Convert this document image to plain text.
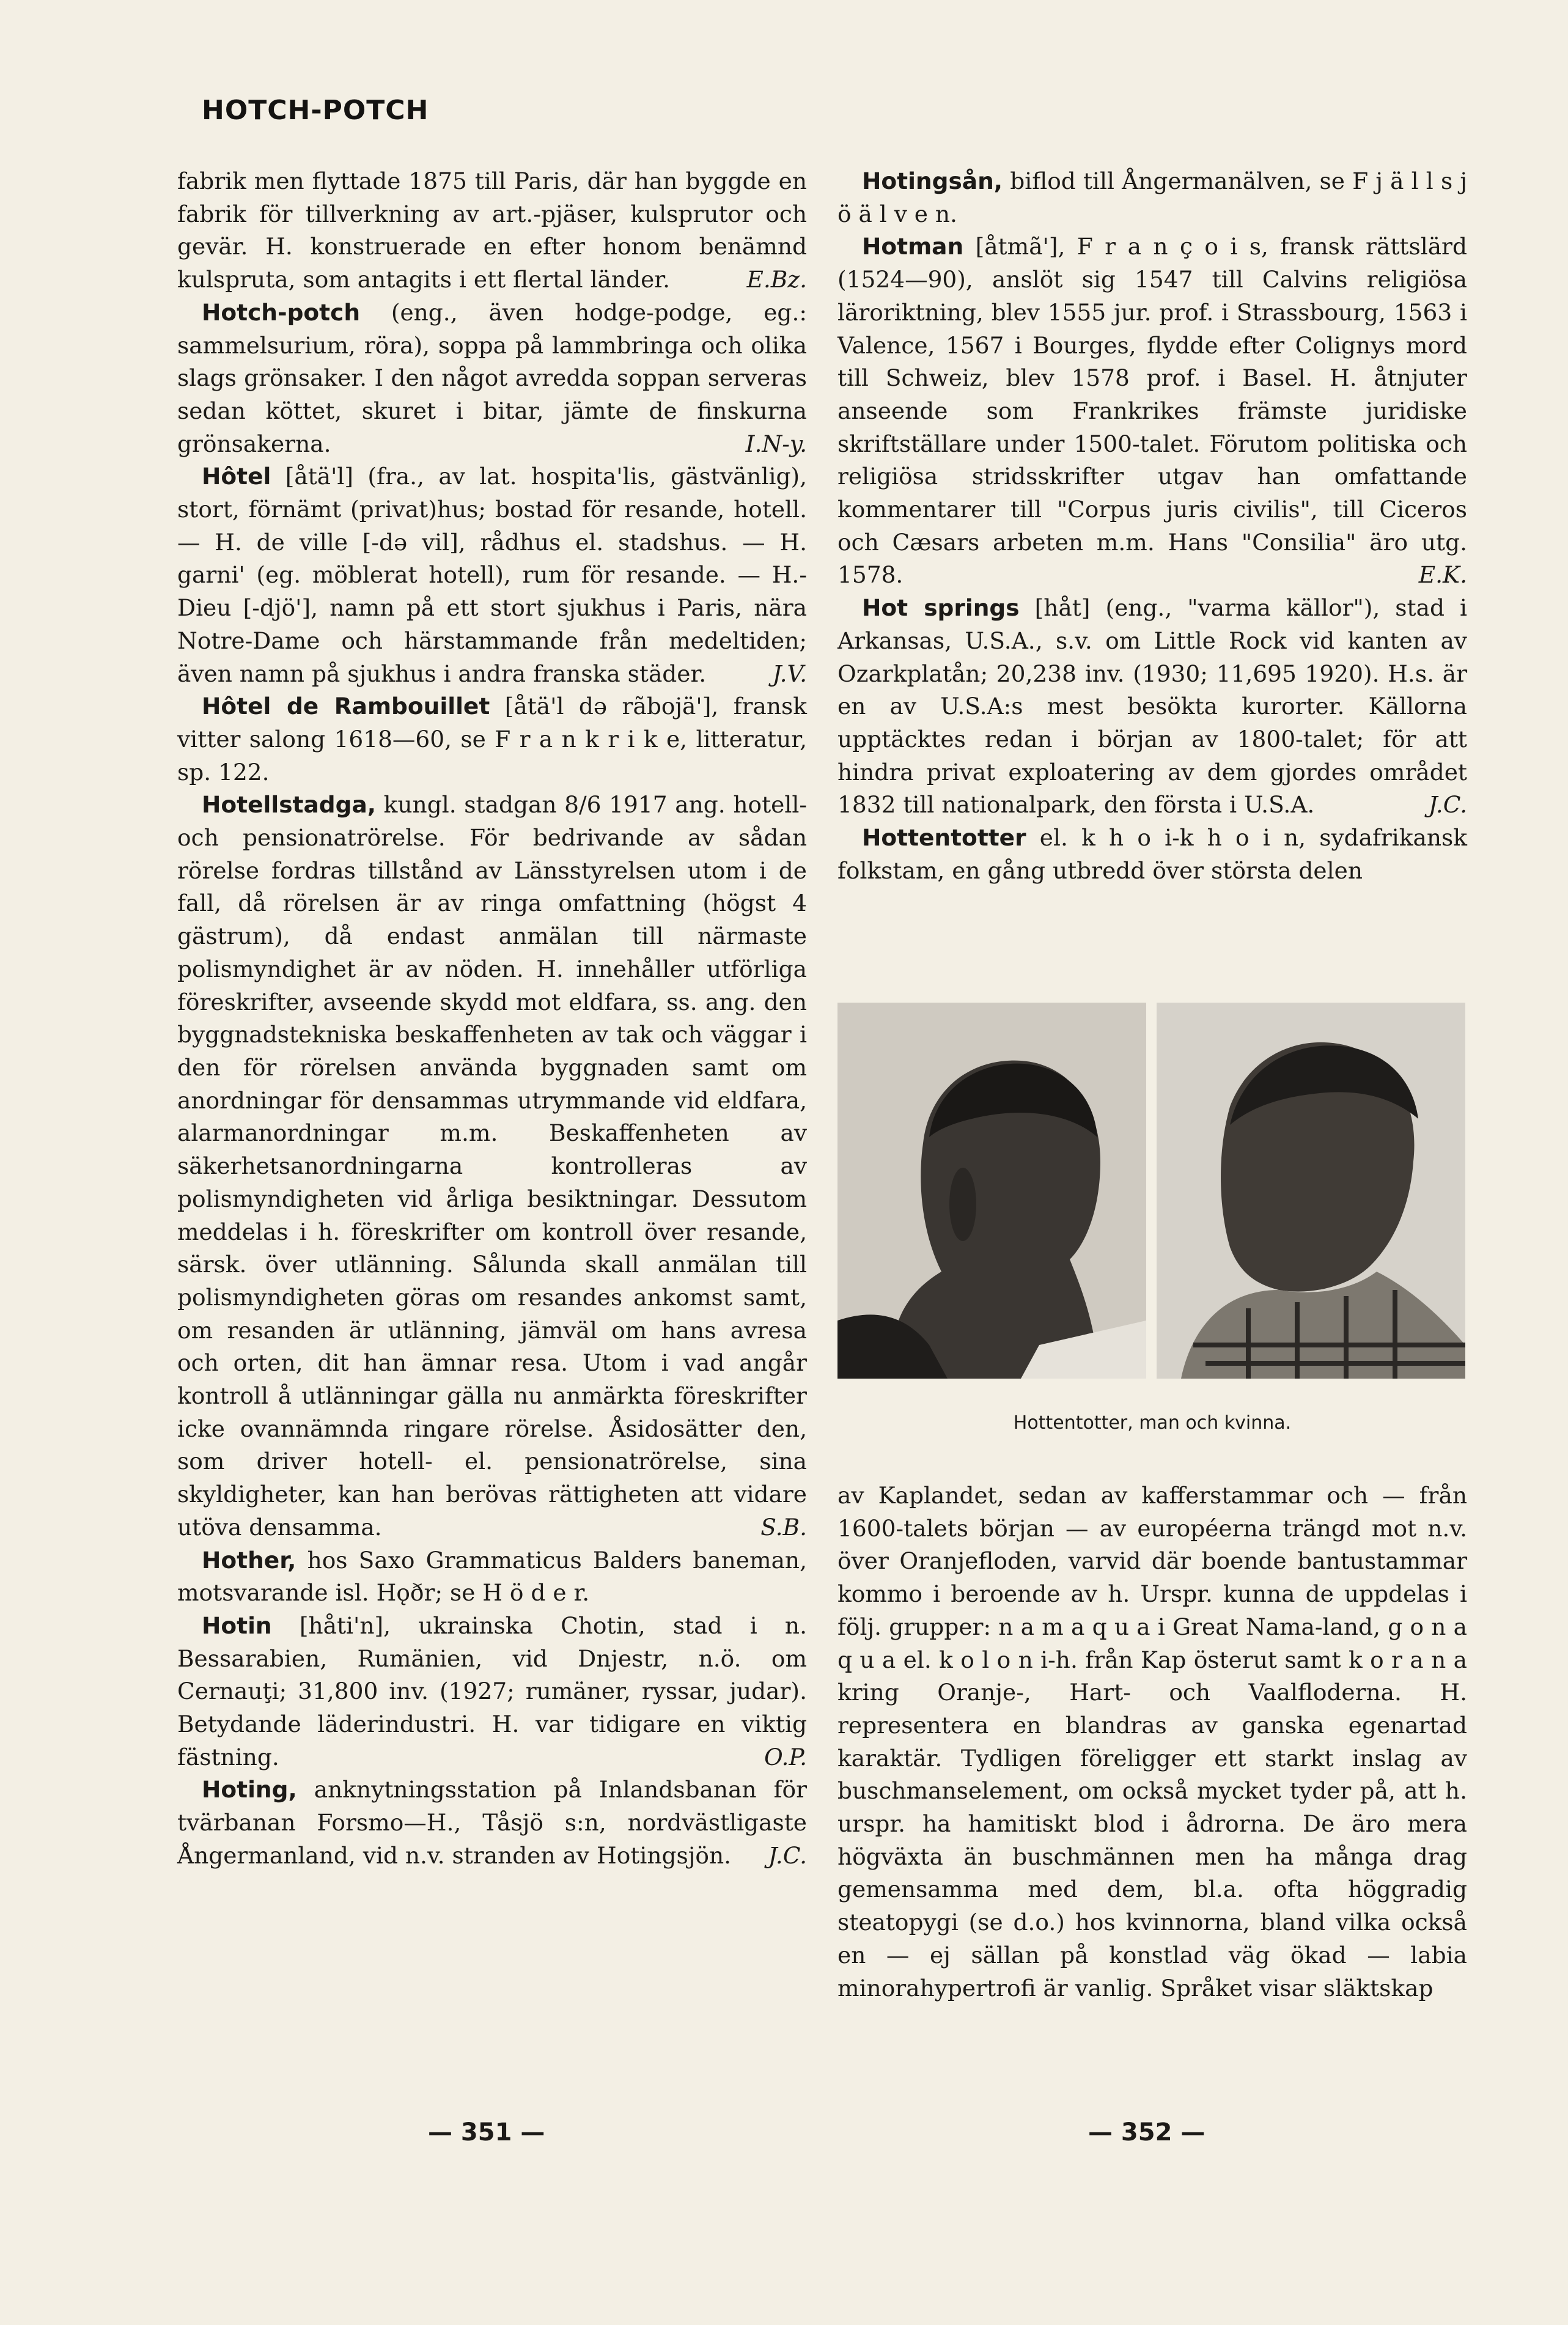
HOTCH-POTCH

fabrik men flyttade 1875 till Paris, där han byggde en fabrik för tillverkning av art.-pjäser, kulsprutor och gevär. H. konstruerade en efter honom benämnd kulspruta, som antagits i ett flertal länder.	E.Bz.

Hotch-potch (eng., även hodge-podge, eg.: sammelsurium, röra), soppa på lammbringa och olika slags grönsaker. I den något avredda soppan serveras sedan köttet, skuret i bitar, jämte de finskurna grönsakerna.	I.N-y.

Hôtel [åtä'l] (fra., av lat. hospita'lis, gästvänlig), stort, förnämt (privat)hus; bostad för resande, hotell. — H. de ville [-də vil], rådhus el. stadshus. — H. garni' (eg. möblerat hotell), rum för resande. — H.-Dieu [-djö'], namn på ett stort sjukhus i Paris, nära Notre-Dame och härstammande från medeltiden; även namn på sjukhus i andra franska städer.	J.V.

Hôtel de Rambouillet [åtä'l də rãbojä'], fransk vitter salong 1618—60, se F r a n k r i k e, litteratur, sp. 122.

Hotellstadga, kungl. stadgan 8/6 1917 ang. hotell- och pensionatrörelse. För bedrivande av sådan rörelse fordras tillstånd av Länsstyrelsen utom i de fall, då rörelsen är av ringa omfattning (högst 4 gästrum), då endast anmälan till närmaste polismyndighet är av nöden. H. innehåller utförliga föreskrifter, avseende skydd mot eldfara, ss. ang. den byggnadstekniska beskaffenheten av tak och väggar i den för rörelsen använda byggnaden samt om anordningar för densammas utrymmande vid eldfara, alarmanordningar m.m. Beskaffenheten av säkerhetsanordningarna kontrolleras av polismyndigheten vid årliga besiktningar. Dessutom meddelas i h. föreskrifter om kontroll över resande, särsk. över utlänning. Sålunda skall anmälan till polismyndigheten göras om resandes ankomst samt, om resanden är utlänning, jämväl om hans avresa och orten, dit han ämnar resa. Utom i vad angår kontroll å utlänningar gälla nu anmärkta föreskrifter icke ovannämnda ringare rörelse. Åsidosätter den, som driver hotell- el. pensionatrörelse, sina skyldigheter, kan han berövas rättigheten att vidare utöva densamma.	S.B.

Hother, hos Saxo Grammaticus Balders baneman, motsvarande isl. Hǫðr; se H ö d e r.

Hotin [håti'n], ukrainska Chotin, stad i n. Bessarabien, Rumänien, vid Dnjestr, n.ö. om Cernauţi; 31,800 inv. (1927; rumäner, ryssar, judar). Betydande läderindustri. H. var tidigare en viktig fästning.	O.P.

Hoting, anknytningsstation på Inlandsbanan för tvärbanan Forsmo—H., Tåsjö s:n, nordvästligaste Ångermanland, vid n.v. stranden av Hotingsjön.	J.C.

Hotingsån, biflod till Ångermanälven, se F j ä l l s j ö ä l v e n.

Hotman [åtmã'], F r a n ç o i s, fransk rättslärd (1524—90), anslöt sig 1547 till Calvins religiösa läroriktning, blev 1555 jur. prof. i Strassbourg, 1563 i Valence, 1567 i Bourges, flydde efter Colignys mord till Schweiz, blev 1578 prof. i Basel. H. åtnjuter anseende som Frankrikes främste juridiske skriftställare under 1500-talet. Förutom politiska och religiösa stridsskrifter utgav han omfattande kommentarer till "Corpus juris civilis", till Ciceros och Cæsars arbeten m.m. Hans "Consilia" äro utg. 1578.	E.K.

Hot springs [håt] (eng., "varma källor"), stad i Arkansas, U.S.A., s.v. om Little Rock vid kanten av Ozarkplatån; 20,238 inv. (1930; 11,695 1920). H.s. är en av U.S.A:s mest besökta kurorter. Källorna upptäcktes redan i början av 1800-talet; för att hindra privat exploatering av dem gjordes området 1832 till nationalpark, den första i U.S.A.	J.C.

Hottentotter el. k h o i-k h o i n, sydafrikansk folkstam, en gång utbredd över största delen

Hottentotter, man och kvinna.

av Kaplandet, sedan av kafferstammar och — från 1600-talets början — av européerna trängd mot n.v. över Oranjefloden, varvid där boende bantustammar kommo i beroende av h. Urspr. kunna de uppdelas i följ. grupper: n a m a q u a i Great Nama-land, g o n a q u a el. k o l o n i-h. från Kap österut samt k o r a n a kring Oranje-, Hart- och Vaalfloderna. H. representera en blandras av ganska egenartad karaktär. Tydligen föreligger ett starkt inslag av buschmanselement, om också mycket tyder på, att h. urspr. ha hamitiskt blod i ådrorna. De äro mera högväxta än buschmännen men ha många drag gemensamma med dem, bl.a. ofta höggradig steatopygi (se d.o.) hos kvinnorna, bland vilka också en — ej sällan på konstlad väg ökad — labia minorahypertrofi är vanlig. Språket visar släktskap

— 351 —	— 352 —
